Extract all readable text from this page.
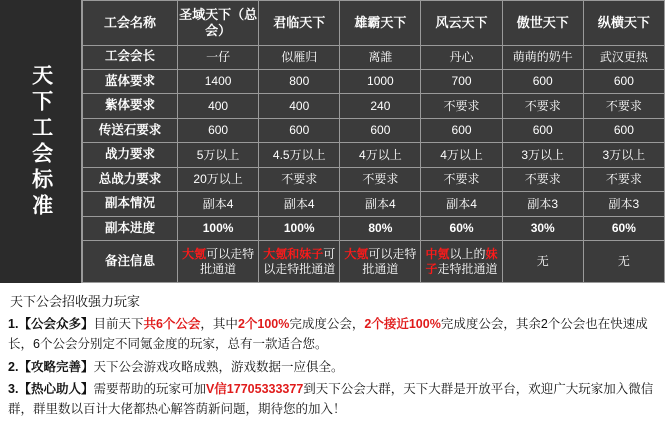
天下工会标准
工会名称	圣域天下（总会）	君临天下	雄霸天下	风云天下	傲世天下	纵横天下
工会会长	一仔	似雁归	离誰	丹心	萌萌的奶牛	武汉更热
蓝体要求	1400	800	1000	700	600	600
紫体要求	400	400	240	不要求	不要求	不要求
传送石要求	600	600	600	600	600	600
战力要求	5万以上	4.5万以上	4万以上	4万以上	3万以上	3万以上
总战力要求	20万以上	不要求	不要求	不要求	不要求	不要求
副本情况	副本4	副本4	副本4	副本4	副本3	副本3
副本进度	100%	100%	80%	60%	30%	60%
备注信息	大氪可以走特批通道	大氪和妹子可以走特批通道	大氪可以走特批通道	中氪以上的妹子走特批通道	无	无
天下公会招收强力玩家
1.【公会众多】目前天下共6个公会，其中2个100%完成度公会，2个接近100%完成度公会，其余2个公会也在快速成长，6个公会分别定不同氪金度的玩家，总有一款适合您。
2.【攻略完善】天下公会游戏攻略成熟，游戏数据一应俱全。
3.【热心助人】需要帮助的玩家可加V信17705333377到天下公会大群，天下大群是开放平台，欢迎广大玩家加入微信群，群里数以百计大佬都热心解答荫新问题，期待您的加入！
